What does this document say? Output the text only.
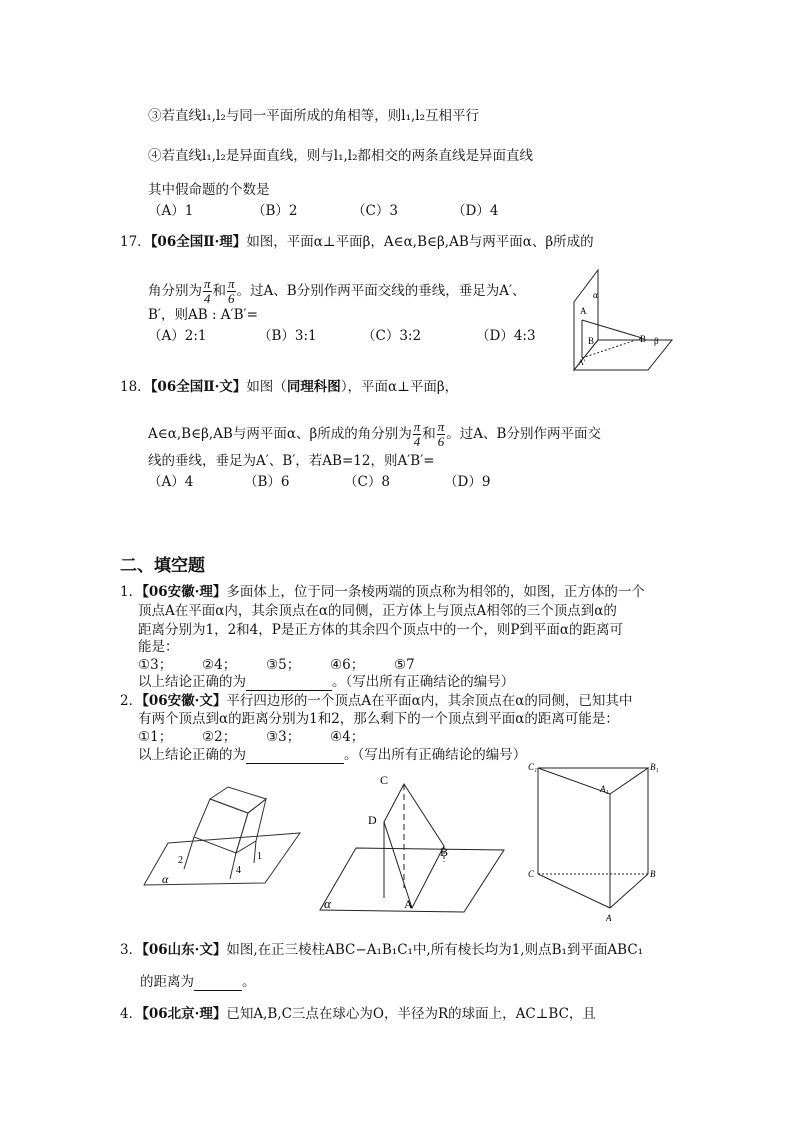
③若直线l₁,l₂与同一平面所成的角相等，则l₁,l₂互相平行
④若直线l₁,l₂是异面直线，则与l₁,l₂都相交的两条直线是异面直线
其中假命题的个数是
（A）1	（B）2	（C）3	（D）4
17．【06全国Ⅱ·理】如图，平面α⊥平面β，A∈α,B∈β,AB与两平面α、β所成的
角分别为 $\frac{\pi}{4}$ 和 $\frac{\pi}{6}$ 。过A、B分别作两平面交线的垂线，垂足为A′、
B′，则AB : A′B′=
（A）2:1	（B）3:1	（C）3:2	（D）4:3
α
A
B	B β
A'
18．【06全国Ⅱ·文】如图（同理科图），平面α⊥平面β，
A∈α,B∈β,AB与两平面α、β所成的角分别为 $\frac{\pi}{4}$ 和 $\frac{\pi}{6}$ 。过A、B分别作两平面交
线的垂线，垂足为A′、B′，若AB=12，则A′B′=
（A）4	（B）6	（C）8	（D）9
二、填空题
1．【06安徽·理】多面体上，位于同一条棱两端的顶点称为相邻的，如图，正方体的一个
顶点A在平面α内，其余顶点在α的同侧，正方体上与顶点A相邻的三个顶点到α的
距离分别为1，2和4，P是正方体的其余四个顶点中的一个，则P到平面α的距离可
能是：
①3； ②4； ③5； ④6； ⑤7
以上结论正确的为	。（写出所有正确结论的编号）
2．【06安徽·文】平行四边形的一个顶点A在平面α内，其余顶点在α的同侧，已知其中
有两个顶点到α的距离分别为1和2，那么剩下的一个顶点到平面α的距离可能是：
①1； ②2； ③3； ④4；
以上结论正确的为	。（写出所有正确结论的编号）
α
2
4
1
C
D
B
α	A
C₁	B₁
A₁
C	B
A
3．【06山东·文】如图,在正三棱柱ABC−A₁B₁C₁中,所有棱长均为1,则点B₁到平面ABC₁
的距离为	。
4．【06北京·理】已知A,B,C三点在球心为O，半径为R的球面上，AC⊥BC，且
